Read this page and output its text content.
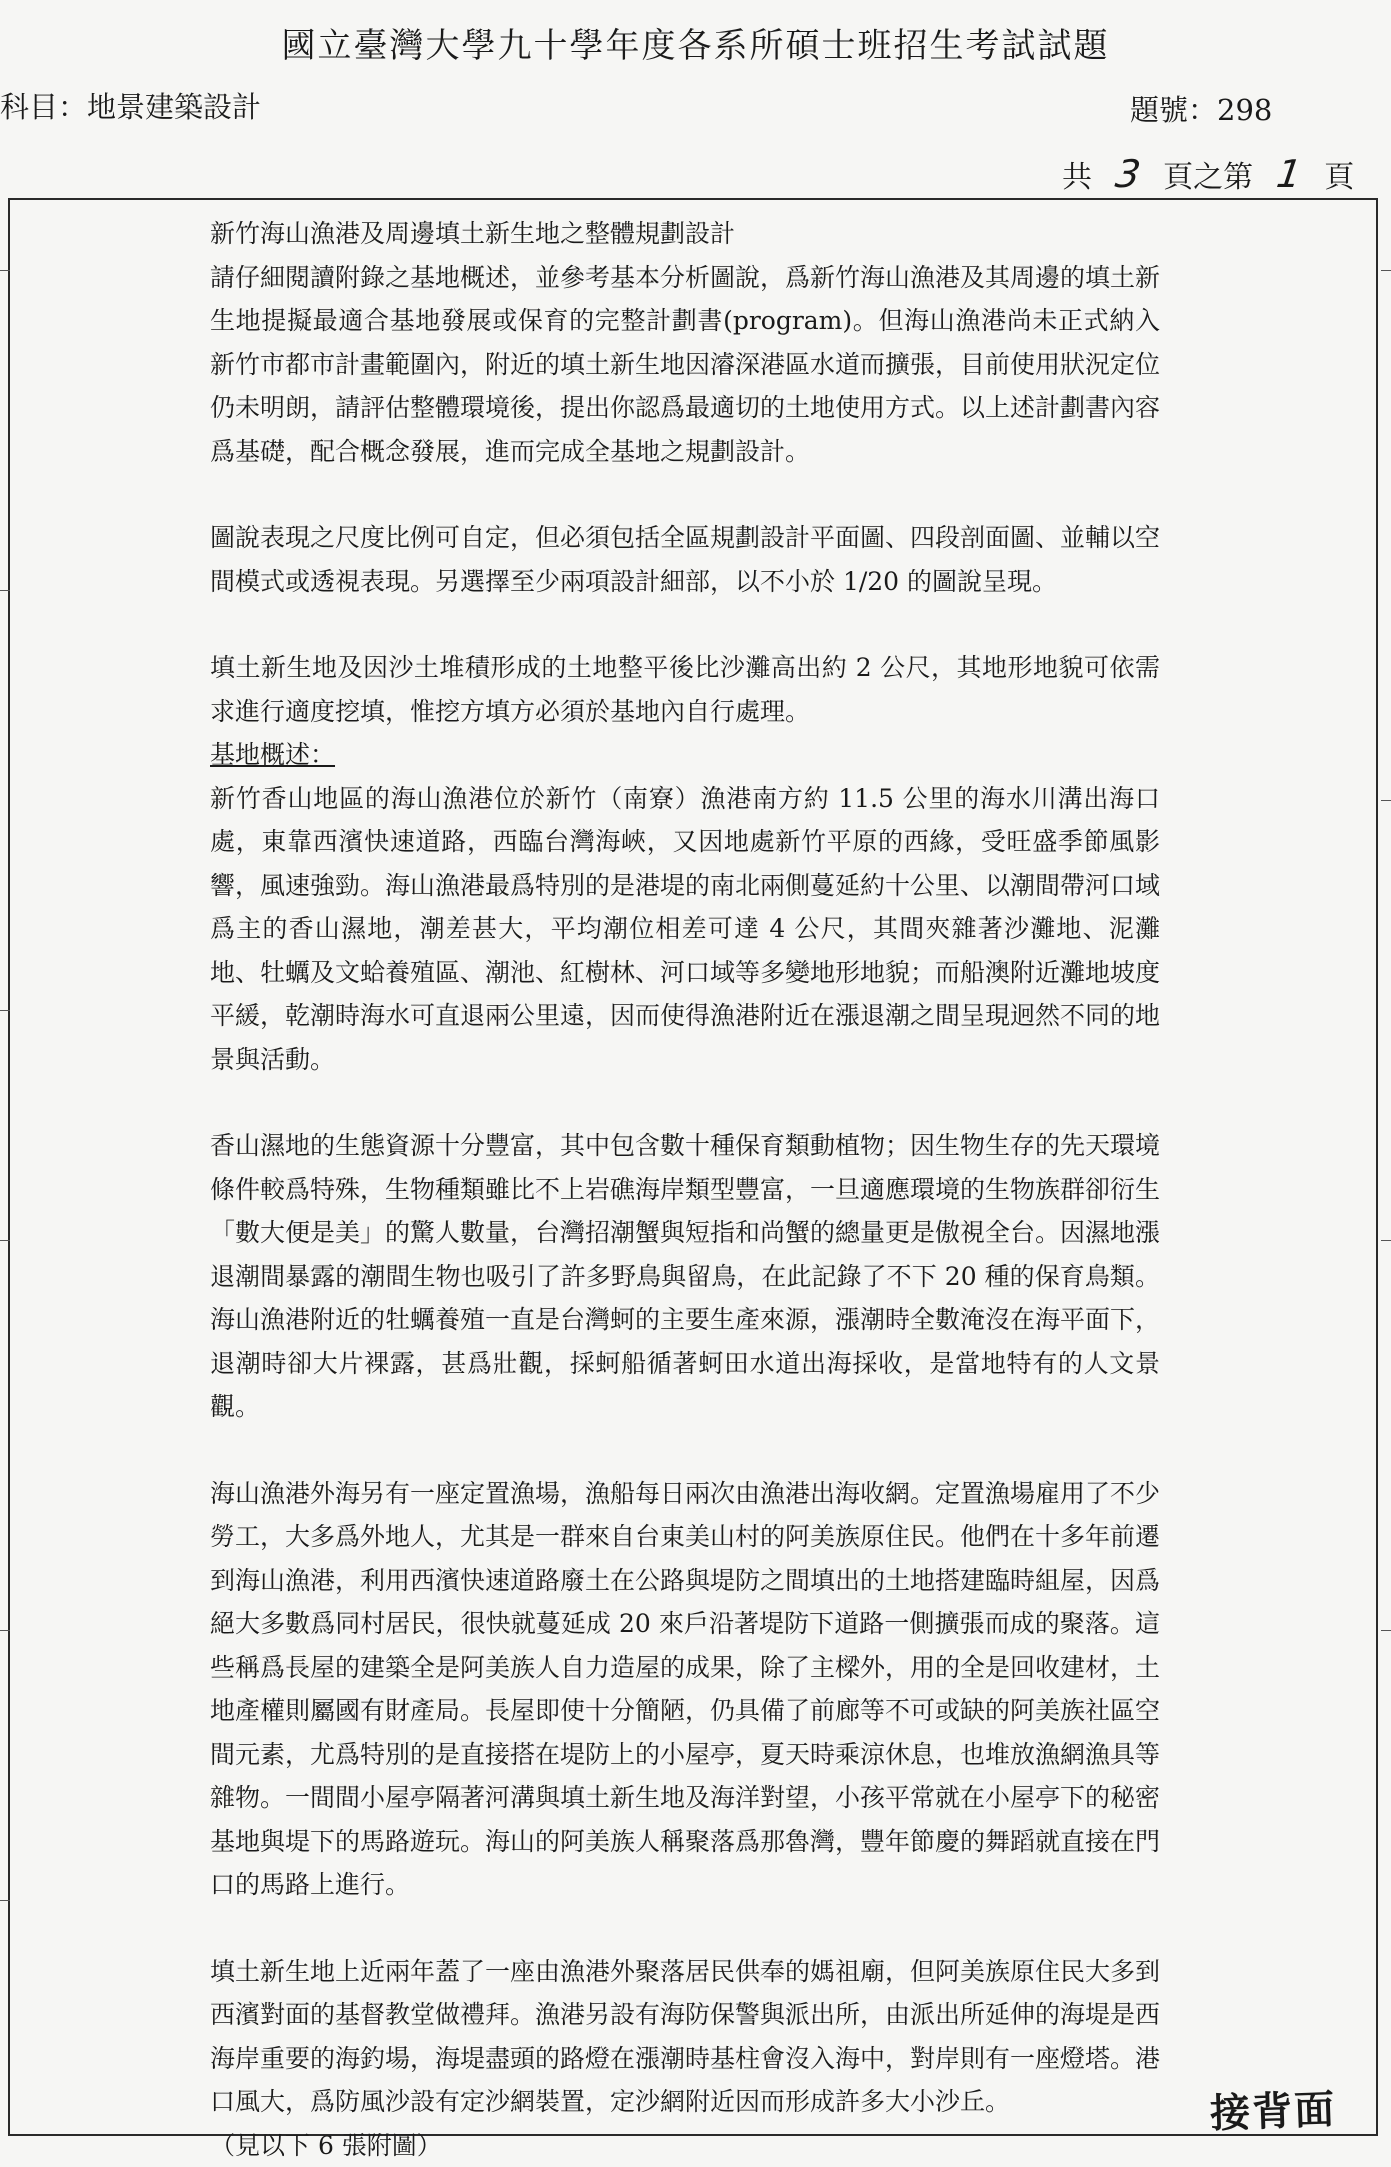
國立臺灣大學九十學年度各系所碩士班招生考試試題
科目：地景建築設計	題號：298
共 3 頁之第 1 頁

新竹海山漁港及周邊填土新生地之整體規劃設計

請仔細閱讀附錄之基地概述，並參考基本分析圖說，爲新竹海山漁港及其周邊的填土新生地提擬最適合基地發展或保育的完整計劃書(program)。但海山漁港尚未正式納入新竹市都市計畫範圍內，附近的填土新生地因濬深港區水道而擴張，目前使用狀況定位仍未明朗，請評估整體環境後，提出你認爲最適切的土地使用方式。以上述計劃書內容爲基礎，配合概念發展，進而完成全基地之規劃設計。

圖說表現之尺度比例可自定，但必須包括全區規劃設計平面圖、四段剖面圖、並輔以空間模式或透視表現。另選擇至少兩項設計細部，以不小於 1/20 的圖說呈現。

填土新生地及因沙土堆積形成的土地整平後比沙灘高出約 2 公尺，其地形地貌可依需求進行適度挖填，惟挖方填方必須於基地內自行處理。

基地概述：

新竹香山地區的海山漁港位於新竹（南寮）漁港南方約 11.5 公里的海水川溝出海口處，東靠西濱快速道路，西臨台灣海峽，又因地處新竹平原的西緣，受旺盛季節風影響，風速強勁。海山漁港最爲特別的是港堤的南北兩側蔓延約十公里、以潮間帶河口域爲主的香山濕地，潮差甚大，平均潮位相差可達 4 公尺，其間夾雜著沙灘地、泥灘地、牡蠣及文蛤養殖區、潮池、紅樹林、河口域等多變地形地貌；而船澳附近灘地坡度平緩，乾潮時海水可直退兩公里遠，因而使得漁港附近在漲退潮之間呈現迥然不同的地景與活動。

香山濕地的生態資源十分豐富，其中包含數十種保育類動植物；因生物生存的先天環境條件較爲特殊，生物種類雖比不上岩礁海岸類型豐富，一旦適應環境的生物族群卻衍生「數大便是美」的驚人數量，台灣招潮蟹與短指和尚蟹的總量更是傲視全台。因濕地漲退潮間暴露的潮間生物也吸引了許多野鳥與留鳥，在此記錄了不下 20 種的保育鳥類。海山漁港附近的牡蠣養殖一直是台灣蚵的主要生產來源，漲潮時全數淹沒在海平面下，退潮時卻大片裸露，甚爲壯觀，採蚵船循著蚵田水道出海採收，是當地特有的人文景觀。

海山漁港外海另有一座定置漁場，漁船每日兩次由漁港出海收網。定置漁場雇用了不少勞工，大多爲外地人，尤其是一群來自台東美山村的阿美族原住民。他們在十多年前遷到海山漁港，利用西濱快速道路廢土在公路與堤防之間填出的土地搭建臨時組屋，因爲絕大多數爲同村居民，很快就蔓延成 20 來戶沿著堤防下道路一側擴張而成的聚落。這些稱爲長屋的建築全是阿美族人自力造屋的成果，除了主樑外，用的全是回收建材，土地產權則屬國有財產局。長屋即使十分簡陋，仍具備了前廊等不可或缺的阿美族社區空間元素，尤爲特別的是直接搭在堤防上的小屋亭，夏天時乘涼休息，也堆放漁網漁具等雜物。一間間小屋亭隔著河溝與填土新生地及海洋對望，小孩平常就在小屋亭下的秘密基地與堤下的馬路遊玩。海山的阿美族人稱聚落爲那魯灣，豐年節慶的舞蹈就直接在門口的馬路上進行。

填土新生地上近兩年蓋了一座由漁港外聚落居民供奉的媽祖廟，但阿美族原住民大多到西濱對面的基督教堂做禮拜。漁港另設有海防保警與派出所，由派出所延伸的海堤是西海岸重要的海釣場，海堤盡頭的路燈在漲潮時基柱會沒入海中，對岸則有一座燈塔。港口風大，爲防風沙設有定沙網裝置，定沙網附近因而形成許多大小沙丘。

（見以下 6 張附圖）

接背面
